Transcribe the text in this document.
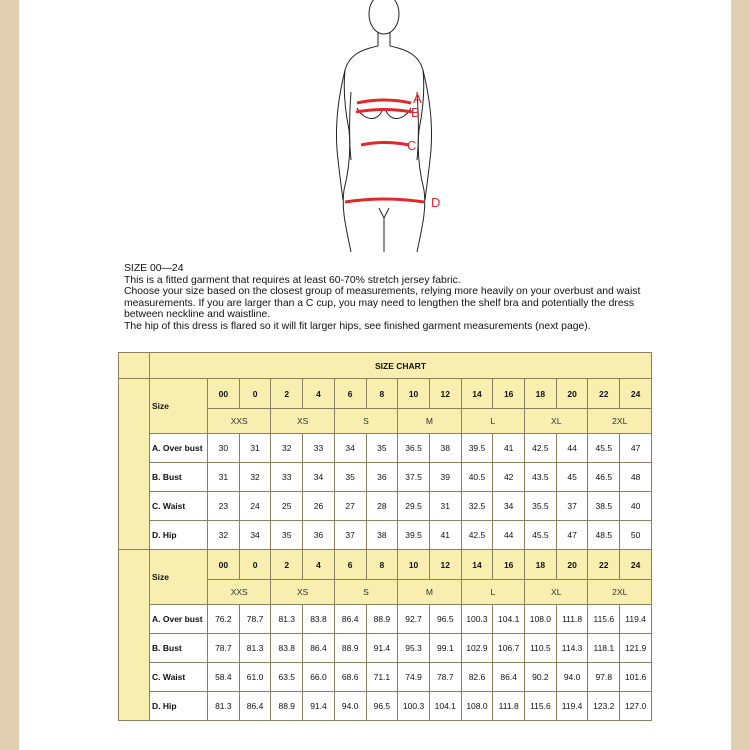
A
B
C
D

SIZE 00—24

This is a fitted garment that requires at least 60-70% stretch jersey fabric.

Choose your size based on the closest group of measurements, relying more heavily on your overbust and waist measurements. If you are larger than a C cup, you may need to lengthen the shelf bra and potentially the dress between neckline and waistline.

The hip of this dress is flared so it will fit larger hips, see finished garment measurements (next page).

	SIZE CHART														
	Size	00	0	2	4	6	8	10	12	14	16	18	20	22	24
		XXS		XS		S		M		L		XL		2XL	
	A. Over bust	30	31	32	33	34	35	36.5	38	39.5	41	42.5	44	45.5	47
	B. Bust	31	32	33	34	35	36	37.5	39	40.5	42	43.5	45	46.5	48
	C. Waist	23	24	25	26	27	28	29.5	31	32.5	34	35.5	37	38.5	40
	D. Hip	32	34	35	36	37	38	39.5	41	42.5	44	45.5	47	48.5	50
	Size	00	0	2	4	6	8	10	12	14	16	18	20	22	24
		XXS		XS		S		M		L		XL		2XL	
	A. Over bust	76.2	78.7	81.3	83.8	86.4	88.9	92.7	96.5	100.3	104.1	108.0	111.8	115.6	119.4
	B. Bust	78.7	81.3	83.8	86.4	88.9	91.4	95.3	99.1	102.9	106.7	110.5	114.3	118.1	121.9
	C. Waist	58.4	61.0	63.5	66.0	68.6	71.1	74.9	78.7	82.6	86.4	90.2	94.0	97.8	101.6
	D. Hip	81.3	86.4	88.9	91.4	94.0	96.5	100.3	104.1	108.0	111.8	115.6	119.4	123.2	127.0
